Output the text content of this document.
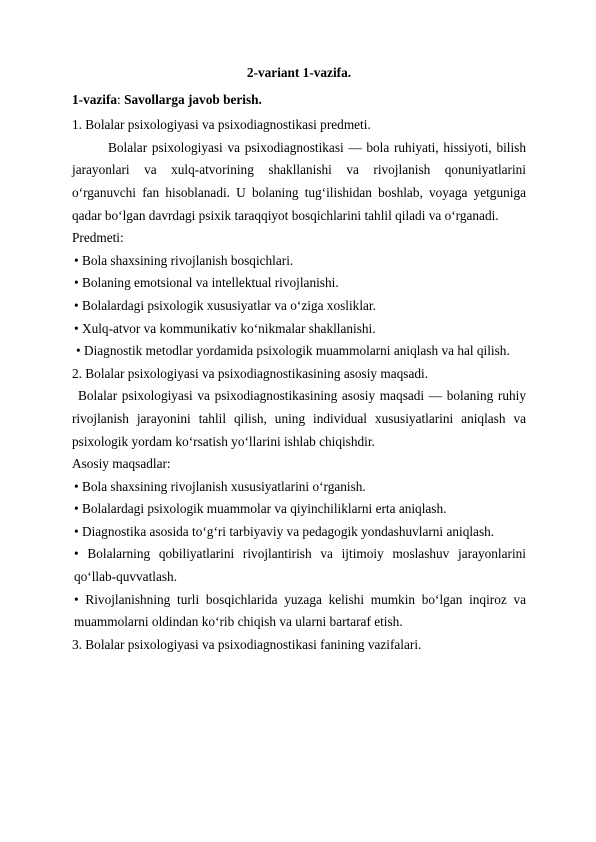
2-variant 1-vazifa.
1-vazifa: Savollarga javob berish.
1. Bolalar psixologiyasi va psixodiagnostikasi predmeti.
Bolalar psixologiyasi va psixodiagnostikasi — bola ruhiyati, hissiyoti, bilish jarayonlari va xulq-atvorining shakllanishi va rivojlanish qonuniyatlarini o‘rganuvchi fan hisoblanadi. U bolaning tug‘ilishidan boshlab, voyaga yetguniga qadar bo‘lgan davrdagi psixik taraqqiyot bosqichlarini tahlil qiladi va o‘rganadi.
Predmeti:
• Bola shaxsining rivojlanish bosqichlari.
• Bolaning emotsional va intellektual rivojlanishi.
• Bolalardagi psixologik xususiyatlar va o‘ziga xosliklar.
• Xulq-atvor va kommunikativ ko‘nikmalar shakllanishi.
• Diagnostik metodlar yordamida psixologik muammolarni aniqlash va hal qilish.
2. Bolalar psixologiyasi va psixodiagnostikasining asosiy maqsadi.
Bolalar psixologiyasi va psixodiagnostikasining asosiy maqsadi — bolaning ruhiy rivojlanish jarayonini tahlil qilish, uning individual xususiyatlarini aniqlash va psixologik yordam ko‘rsatish yo‘llarini ishlab chiqishdir.
Asosiy maqsadlar:
• Bola shaxsining rivojlanish xususiyatlarini o‘rganish.
• Bolalardagi psixologik muammolar va qiyinchiliklarni erta aniqlash.
• Diagnostika asosida to‘g‘ri tarbiyaviy va pedagogik yondashuvlarni aniqlash.
• Bolalarning qobiliyatlarini rivojlantirish va ijtimoiy moslashuv jarayonlarini qo‘llab-quvvatlash.
• Rivojlanishning turli bosqichlarida yuzaga kelishi mumkin bo‘lgan inqiroz va muammolarni oldindan ko‘rib chiqish va ularni bartaraf etish.
3. Bolalar psixologiyasi va psixodiagnostikasi fanining vazifalari.
